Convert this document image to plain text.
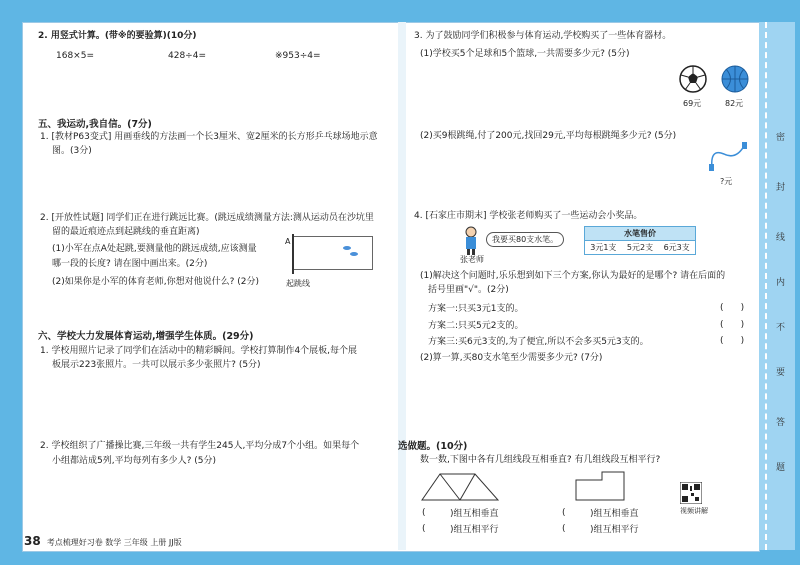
密
封
线
内
不
要
答
题
2. 用竖式计算。(带※的要验算)(10分)
168×5=	428÷4=	※953÷4=
五、我运动,我自信。(7分)
1. [教材P63变式] 用画垂线的方法画一个长3厘米、宽2厘米的长方形乒乓球场地示意
图。(3分)
2. [开放性试题] 同学们正在进行跳远比赛。(跳远成绩测量方法:测从运动员在沙坑里
留的最近痕迹点到起跳线的垂直距离)
(1)小军在点A处起跳,要测量他的跳远成绩,应该测量
哪一段的长度? 请在图中画出来。(2分)
(2)如果你是小军的体育老师,你想对他说什么? (2分)
A
起跳线
六、学校大力发展体育运动,增强学生体质。(29分)
1. 学校用照片记录了同学们在活动中的精彩瞬间。学校打算制作4个展板,每个展
板展示223张照片。一共可以展示多少张照片? (5分)
2. 学校组织了广播操比赛,三年级一共有学生245人,平均分成7个小组。如果每个
小组都站成5列,平均每列有多少人? (5分)
38 考点梳理好习卷 数学 三年级 上册 JJ版
3. 为了鼓励同学们积极参与体育运动,学校购买了一些体育器材。
(1)学校买5个足球和5个篮球,一共需要多少元? (5分)
69元	82元
(2)买9根跳绳,付了200元,找回29元,平均每根跳绳多少元? (5分)
?元
4. [石家庄市期末] 学校张老师购买了一些运动会小奖品。
我要买80支水笔。
张老师
水笔售价
3元1支	5元2支	6元3支
(1)解决这个问题时,乐乐想到如下三个方案,你认为最好的是哪个? 请在后面的
括号里画"√"。(2分)
方案一:只买3元1支的。
方案二:只买5元2支的。
方案三:买6元3支的,为了便宜,所以不会多买5元3支的。
(      )
(      )
(      )
(2)算一算,买80支水笔至少需要多少元? (7分)
选做题。(10分)
数一数,下图中各有几组线段互相垂直? 有几组线段互相平行?
视频讲解
(	)组互相垂直
(	)组互相平行
(	)组互相垂直
(	)组互相平行
